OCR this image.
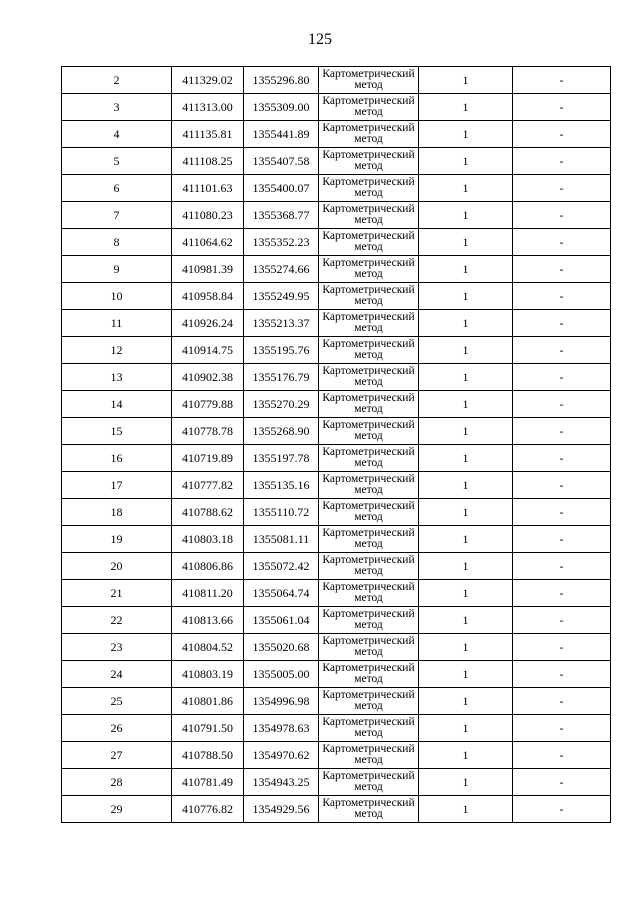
125
2	411329.02	1355296.80	Картометрический метод	1	-
3	411313.00	1355309.00	Картометрический метод	1	-
4	411135.81	1355441.89	Картометрический метод	1	-
5	411108.25	1355407.58	Картометрический метод	1	-
6	411101.63	1355400.07	Картометрический метод	1	-
7	411080.23	1355368.77	Картометрический метод	1	-
8	411064.62	1355352.23	Картометрический метод	1	-
9	410981.39	1355274.66	Картометрический метод	1	-
10	410958.84	1355249.95	Картометрический метод	1	-
11	410926.24	1355213.37	Картометрический метод	1	-
12	410914.75	1355195.76	Картометрический метод	1	-
13	410902.38	1355176.79	Картометрический метод	1	-
14	410779.88	1355270.29	Картометрический метод	1	-
15	410778.78	1355268.90	Картометрический метод	1	-
16	410719.89	1355197.78	Картометрический метод	1	-
17	410777.82	1355135.16	Картометрический метод	1	-
18	410788.62	1355110.72	Картометрический метод	1	-
19	410803.18	1355081.11	Картометрический метод	1	-
20	410806.86	1355072.42	Картометрический метод	1	-
21	410811.20	1355064.74	Картометрический метод	1	-
22	410813.66	1355061.04	Картометрический метод	1	-
23	410804.52	1355020.68	Картометрический метод	1	-
24	410803.19	1355005.00	Картометрический метод	1	-
25	410801.86	1354996.98	Картометрический метод	1	-
26	410791.50	1354978.63	Картометрический метод	1	-
27	410788.50	1354970.62	Картометрический метод	1	-
28	410781.49	1354943.25	Картометрический метод	1	-
29	410776.82	1354929.56	Картометрический метод	1	-
